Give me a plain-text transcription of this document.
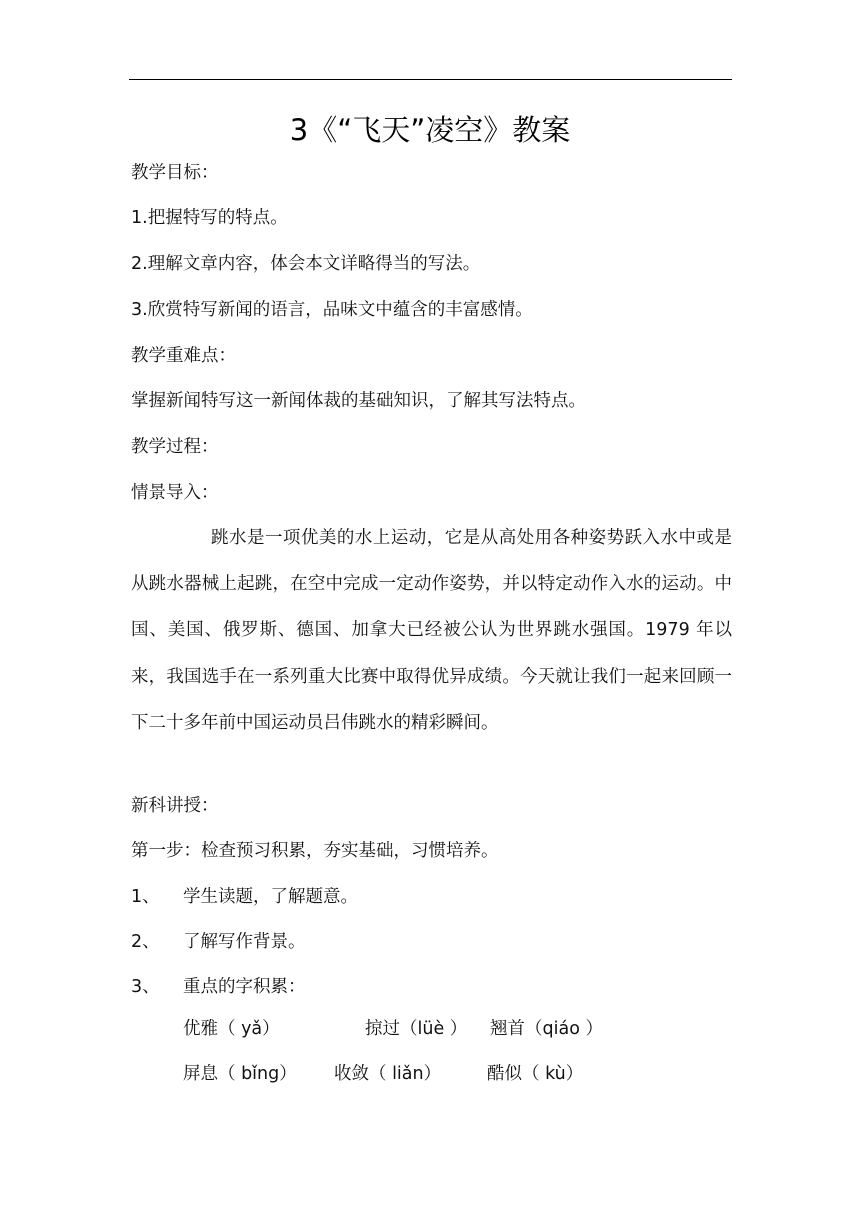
3《“飞天”凌空》教案
教学目标：
1.把握特写的特点。
2.理解文章内容，体会本文详略得当的写法。
3.欣赏特写新闻的语言，品味文中蕴含的丰富感情。
教学重难点：
掌握新闻特写这一新闻体裁的基础知识，了解其写法特点。
教学过程：
情景导入：
跳水是一项优美的水上运动，它是从高处用各种姿势跃入水中或是从跳水器械上起跳，在空中完成一定动作姿势，并以特定动作入水的运动。中国、美国、俄罗斯、德国、加拿大已经被公认为世界跳水强国。1979 年以来，我国选手在一系列重大比赛中取得优异成绩。今天就让我们一起来回顾一下二十多年前中国运动员吕伟跳水的精彩瞬间。
新科讲授：
第一步：检查预习积累，夯实基础，习惯培养。
1、 学生读题，了解题意。
2、 了解写作背景。
3、 重点的字积累：
优雅（ yǎ）	掠过（lüè ） 翘首（qiáo ）
屏息（ bǐng） 收敛（ liǎn）	酷似（ kù）
